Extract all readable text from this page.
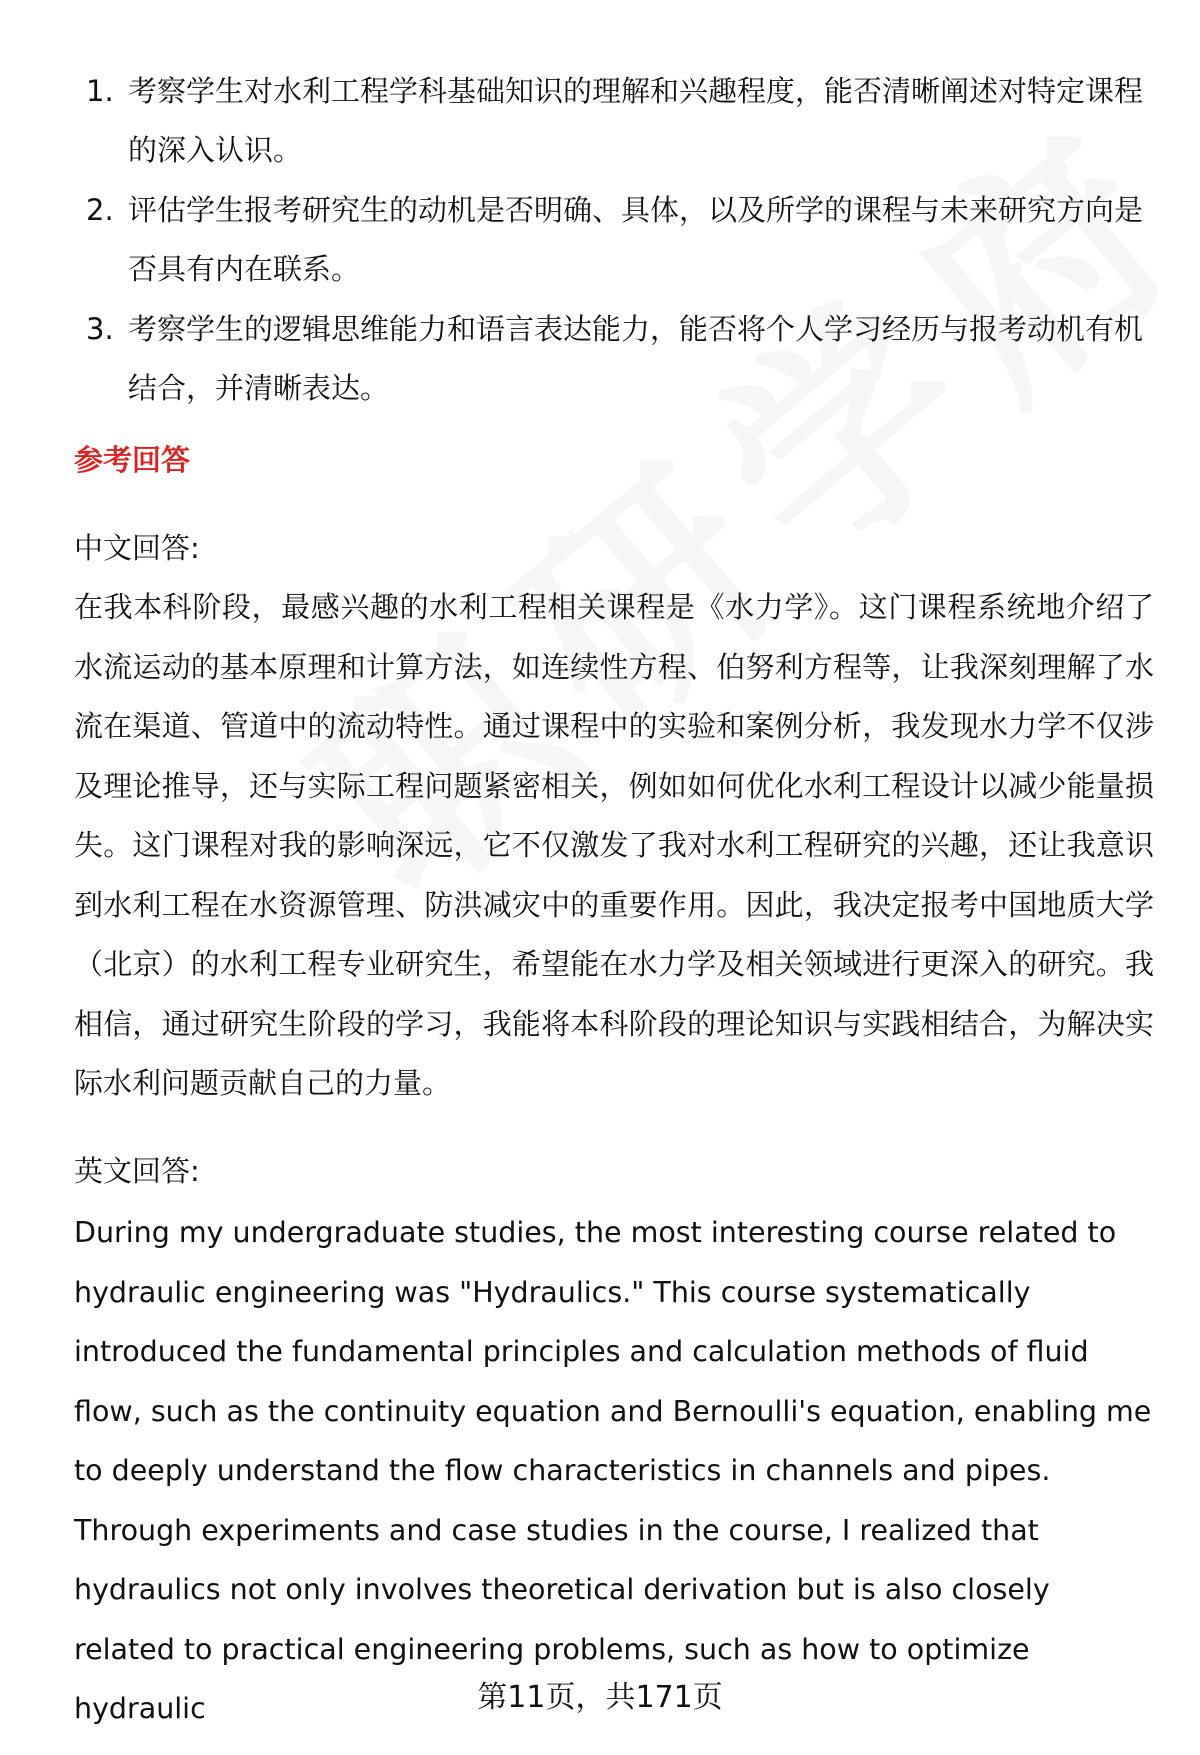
1. 考察学生对水利工程学科基础知识的理解和兴趣程度，能否清晰阐述对特定课程的深入认识。
2. 评估学生报考研究生的动机是否明确、具体，以及所学的课程与未来研究方向是否具有内在联系。
3. 考察学生的逻辑思维能力和语言表达能力，能否将个人学习经历与报考动机有机结合，并清晰表达。
参考回答

中文回答:

在我本科阶段，最感兴趣的水利工程相关课程是《水力学》。这门课程系统地介绍了水流运动的基本原理和计算方法，如连续性方程、伯努利方程等，让我深刻理解了水流在渠道、管道中的流动特性。通过课程中的实验和案例分析，我发现水力学不仅涉及理论推导，还与实际工程问题紧密相关，例如如何优化水利工程设计以减少能量损失。这门课程对我的影响深远，它不仅激发了我对水利工程研究的兴趣，还让我意识到水利工程在水资源管理、防洪减灾中的重要作用。因此，我决定报考中国地质大学（北京）的水利工程专业研究生，希望能在水力学及相关领域进行更深入的研究。我相信，通过研究生阶段的学习，我能将本科阶段的理论知识与实践相结合，为解决实际水利问题贡献自己的力量。

英文回答:

During my undergraduate studies, the most interesting course related to hydraulic engineering was "Hydraulics." This course systematically introduced the fundamental principles and calculation methods of fluid flow, such as the continuity equation and Bernoulli's equation, enabling me to deeply understand the flow characteristics in channels and pipes. Through experiments and case studies in the course, I realized that hydraulics not only involves theoretical derivation but is also closely related to practical engineering problems, such as how to optimize hydraulic	第11页，共171页
